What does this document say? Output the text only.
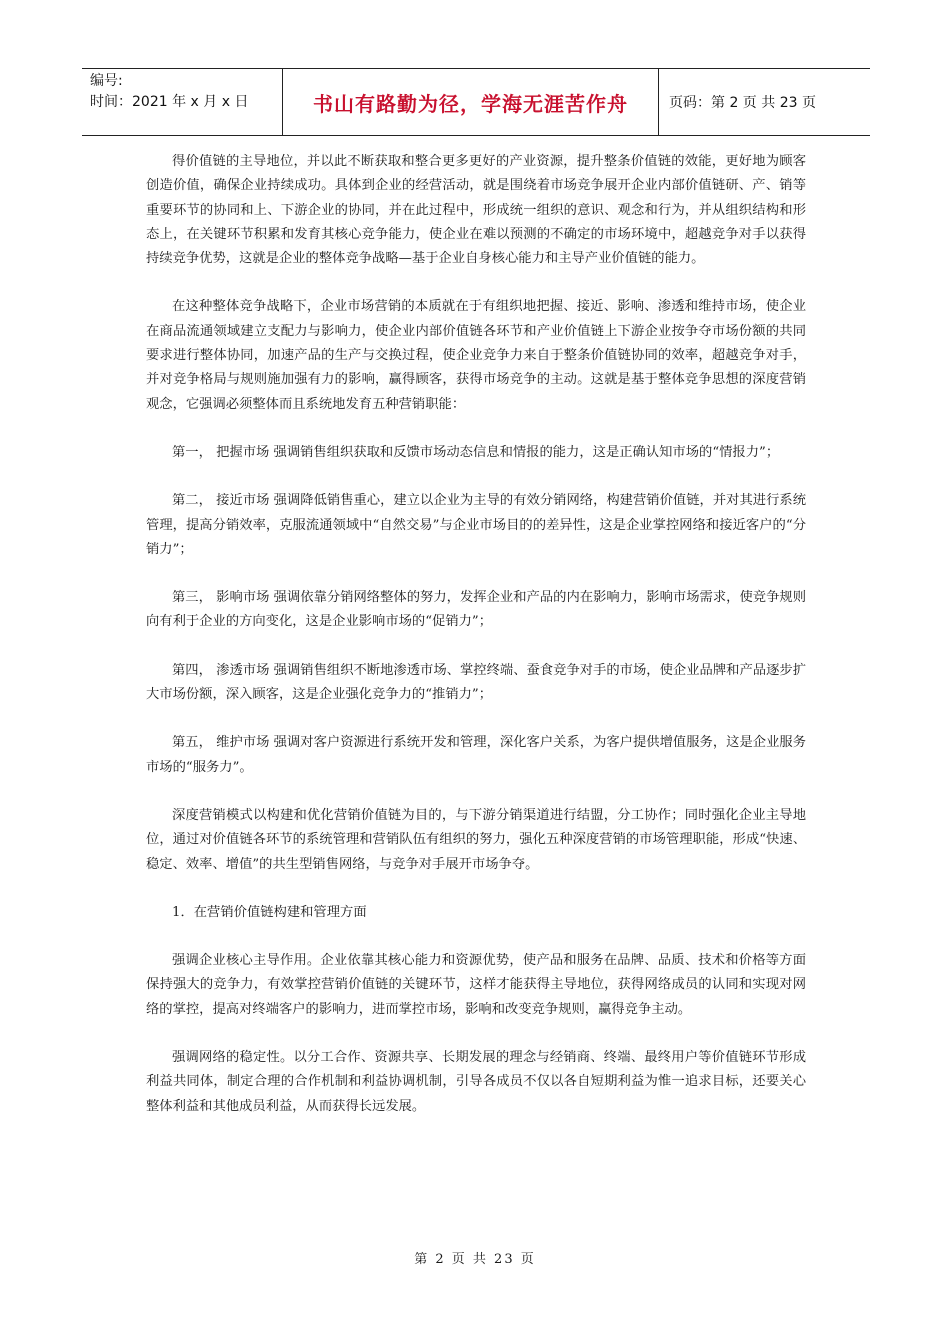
编号:
时间：2021 年 x 月 x 日	书山有路勤为径，学海无涯苦作舟	页码：第 2 页 共 23 页

得价值链的主导地位，并以此不断获取和整合更多更好的产业资源，提升整条价值链的效能，更好地为顾客创造价值，确保企业持续成功。具体到企业的经营活动，就是围绕着市场竞争展开企业内部价值链研、产、销等重要环节的协同和上、下游企业的协同，并在此过程中，形成统一组织的意识、观念和行为，并从组织结构和形态上，在关键环节积累和发育其核心竞争能力，使企业在难以预测的不确定的市场环境中，超越竞争对手以获得持续竞争优势，这就是企业的整体竞争战略—基于企业自身核心能力和主导产业价值链的能力。

在这种整体竞争战略下，企业市场营销的本质就在于有组织地把握、接近、影响、渗透和维持市场，使企业在商品流通领域建立支配力与影响力，使企业内部价值链各环节和产业价值链上下游企业按争夺市场份额的共同要求进行整体协同，加速产品的生产与交换过程，使企业竞争力来自于整条价值链协同的效率，超越竞争对手，并对竞争格局与规则施加强有力的影响，赢得顾客，获得市场竞争的主动。这就是基于整体竞争思想的深度营销观念，它强调必须整体而且系统地发育五种营销职能：

第一， 把握市场 强调销售组织获取和反馈市场动态信息和情报的能力，这是正确认知市场的“情报力”；

第二， 接近市场 强调降低销售重心，建立以企业为主导的有效分销网络，构建营销价值链，并对其进行系统管理，提高分销效率，克服流通领域中“自然交易”与企业市场目的的差异性，这是企业掌控网络和接近客户的“分销力”；

第三， 影响市场 强调依靠分销网络整体的努力，发挥企业和产品的内在影响力，影响市场需求，使竞争规则向有利于企业的方向变化，这是企业影响市场的“促销力”；

第四， 渗透市场 强调销售组织不断地渗透市场、掌控终端、蚕食竞争对手的市场，使企业品牌和产品逐步扩大市场份额，深入顾客，这是企业强化竞争力的“推销力”；

第五， 维护市场 强调对客户资源进行系统开发和管理，深化客户关系，为客户提供增值服务，这是企业服务市场的“服务力”。

深度营销模式以构建和优化营销价值链为目的，与下游分销渠道进行结盟，分工协作；同时强化企业主导地位，通过对价值链各环节的系统管理和营销队伍有组织的努力，强化五种深度营销的市场管理职能，形成“快速、稳定、效率、增值”的共生型销售网络，与竞争对手展开市场争夺。

1．在营销价值链构建和管理方面

强调企业核心主导作用。企业依靠其核心能力和资源优势，使产品和服务在品牌、品质、技术和价格等方面保持强大的竞争力，有效掌控营销价值链的关键环节，这样才能获得主导地位，获得网络成员的认同和实现对网络的掌控，提高对终端客户的影响力，进而掌控市场，影响和改变竞争规则，赢得竞争主动。

强调网络的稳定性。以分工合作、资源共享、长期发展的理念与经销商、终端、最终用户等价值链环节形成利益共同体，制定合理的合作机制和利益协调机制，引导各成员不仅以各自短期利益为惟一追求目标，还要关心整体利益和其他成员利益，从而获得长远发展。

第 2 页 共 23 页
